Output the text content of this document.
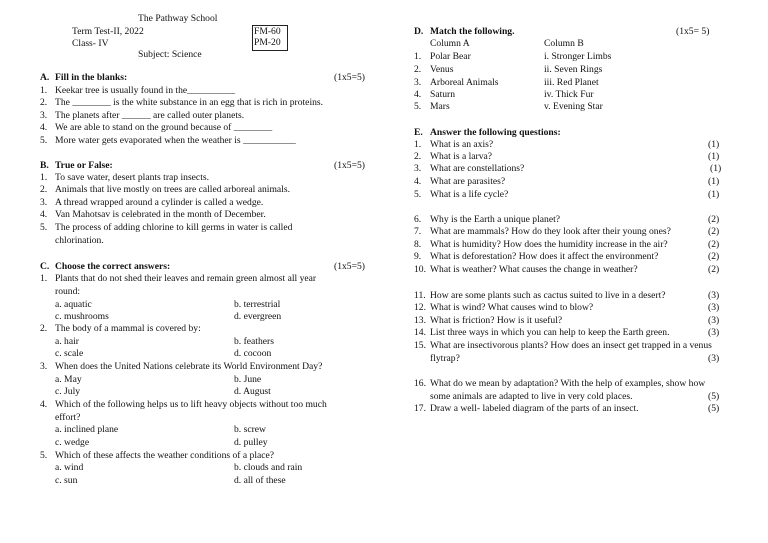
The Pathway School
Term Test-II, 2022
Class- IV
Subject: Science
FM-60
PM-20
A. Fill in the blanks:	(1x5=5)
1. Keekar tree is usually found in the__________
2. The ________ is the white substance in an egg that is rich in proteins.
3. The planets after ______ are called outer planets.
4. We are able to stand on the ground because of ________
5. More water gets evaporated when the weather is ___________
B. True or False:	(1x5=5)
1. To save water, desert plants trap insects.
2. Animals that live mostly on trees are called arboreal animals.
3. A thread wrapped around a cylinder is called a wedge.
4. Van Mahotsav is celebrated in the month of December.
5. The process of adding chlorine to kill germs in water is called
chlorination.
C. Choose the correct answers:	(1x5=5)
1. Plants that do not shed their leaves and remain green almost all year
round:
a. aquatic	b. terrestrial
c. mushrooms	d. evergreen
2. The body of a mammal is covered by:
a. hair	b. feathers
c. scale	d. cocoon
3. When does the United Nations celebrate its World Environment Day?
a. May	b. June
c. July	d. August
4. Which of the following helps us to lift heavy objects without too much
effort?
a. inclined plane	b. screw
c. wedge	d. pulley
5. Which of these affects the weather conditions of a place?
a. wind	b. clouds and rain
c. sun	d. all of these
D. Match the following.	(1x5= 5)
Column A	Column B
1. Polar Bear	i. Stronger Limbs
2. Venus	ii. Seven Rings
3. Arboreal Animals	iii. Red Planet
4. Saturn	iv. Thick Fur
5. Mars	v. Evening Star
E. Answer the following questions:
1. What is an axis?	(1)
2. What is a larva?	(1)
3. What are constellations?	(1)
4. What are parasites?	(1)
5. What is a life cycle?	(1)
6. Why is the Earth a unique planet?	(2)
7. What are mammals? How do they look after their young ones?	(2)
8. What is humidity? How does the humidity increase in the air?	(2)
9. What is deforestation? How does it affect the environment?	(2)
10. What is weather? What causes the change in weather?	(2)
11. How are some plants such as cactus suited to live in a desert?	(3)
12. What is wind? What causes wind to blow?	(3)
13. What is friction? How is it useful?	(3)
14. List three ways in which you can help to keep the Earth green.	(3)
15. What are insectivorous plants? How does an insect get trapped in a venus
flytrap?	(3)
16. What do we mean by adaptation? With the help of examples, show how
some animals are adapted to live in very cold places.	(5)
17. Draw a well- labeled diagram of the parts of an insect.	(5)
